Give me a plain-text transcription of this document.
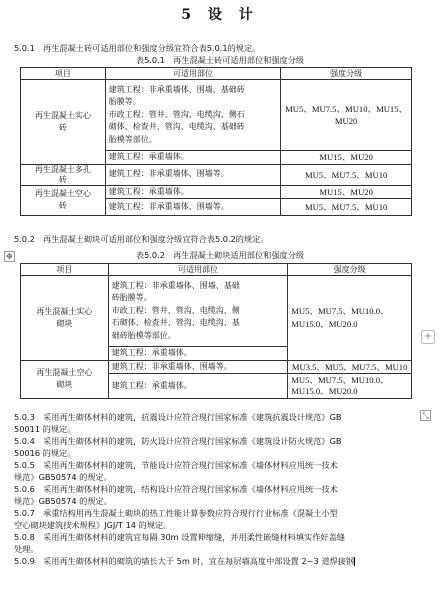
5 设 计
5.0.1　再生混凝土砖可适用部位和强度分级宜符合表5.0.1的规定。
表5.0.1　再生混凝土砖可适用部位和强度分级
项目	可适用部位	强度分级

再生混凝土实心
砖	建筑工程：非承重墙体、围墙、基础砖
胎膜等。
市政工程：管井、管沟、电缆沟、侧石
砌体、检查井、管沟、电缆沟、基础砖
胎模等部位。	MU5、MU7.5、MU10、MU15、
MU20

	建筑工程：承重墙体。	MU15、MU20

再生混凝土多孔
砖	建筑工程：非承重墙体、围墙等。	MU5、MU7.5、MU10

再生混凝土空心
砖	建筑工程：承重墙体。	MU15、MU20
	建筑工程：非承重墙体、围墙等。	MU5、MU7.5、MU10
5.0.2　再生混凝土砌块可适用部位和强度分级宜符合表5.0.2的规定。
✥	表5.0.2　再生混凝土砌块适用部位和强度分级
项目	可适用部位	强度分级

再生混凝土实心
砌块	建筑工程：非承重墙体、围墙、基础
砖胎膜等。
市政工程：管井、管沟、电缆沟、侧
石砌体、检查井、管沟、电缆沟、基
础砖胎模等部位。	MU5、MU7.5、MU10.0、
MU15.0、MU20.0

	建筑工程：承重墙体。	

再生混凝土空心
砌块	建筑工程：非承重墙体、围墙等。	MU3.5、MU5、MU7.5、MU10
	建筑工程：承重墙体。	MU5、MU7.5、MU10.0、
MU15.0、MU20.0
+
⤡
5.0.3　采用再生砌体材料的建筑，抗震设计应符合现行国家标准《建筑抗震设计规范》GB
50011 的规定。
5.0.4　采用再生砌体材料的建筑，防火设计应符合现行国家标准《建筑设计防火规范》GB
50016 的规定。
5.0.5　采用再生砌体材料的建筑，节能设计应符合现行国家标准《墙体材料应用统一技术
规范》GB50574 的规定。
5.0.6　采用再生砌体材料的建筑，结构设计应符合现行国家标准《墙体材料应用统一技术
规范》GB50574 的规定。
5.0.7　承重结构用再生混凝土砌块的热工性能计算参数应符合现行行业标准《混凝土小型
空心砌块建筑技术规程》JGJ/T 14 的规定。
5.0.8　采用再生砌体材料的建筑宜每隔 30m 设置伸缩缝，并用柔性嵌缝材料填实作好盖缝
处理。
5.0.9　采用再生砌体材料的砌筑的墙长大于 5m 时，宜在每层墙高度中部设置 2~3 道焊接钢
